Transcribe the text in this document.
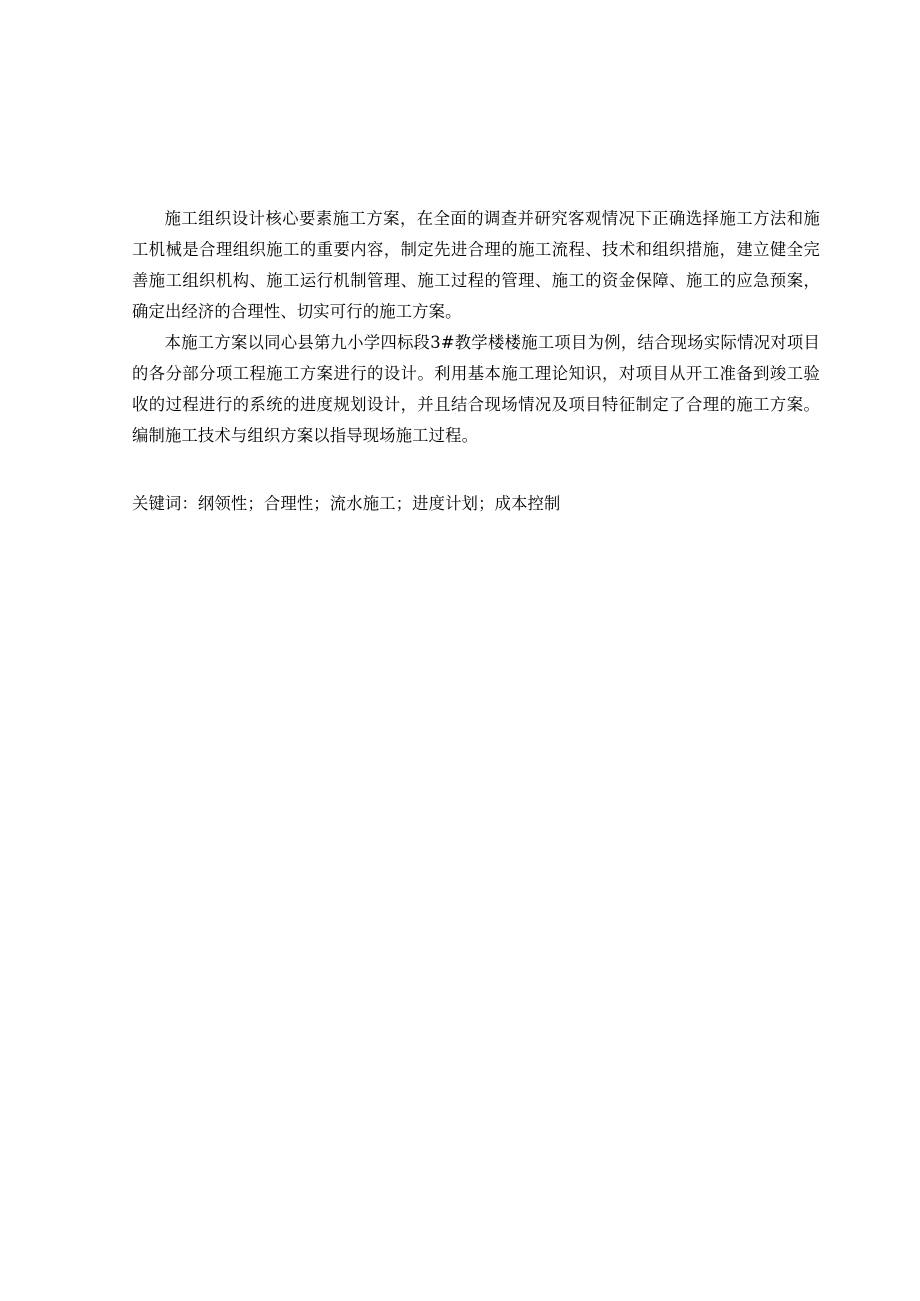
施工组织设计核心要素施工方案，在全面的调查并研究客观情况下正确选择施工方法和施工机械是合理组织施工的重要内容，制定先进合理的施工流程、技术和组织措施，建立健全完善施工组织机构、施工运行机制管理、施工过程的管理、施工的资金保障、施工的应急预案，确定出经济的合理性、切实可行的施工方案。

本施工方案以同心县第九小学四标段3#教学楼楼施工项目为例，结合现场实际情况对项目的各分部分项工程施工方案进行的设计。利用基本施工理论知识，对项目从开工准备到竣工验收的过程进行的系统的进度规划设计，并且结合现场情况及项目特征制定了合理的施工方案。编制施工技术与组织方案以指导现场施工过程。

关键词：纲领性；合理性；流水施工；进度计划；成本控制
